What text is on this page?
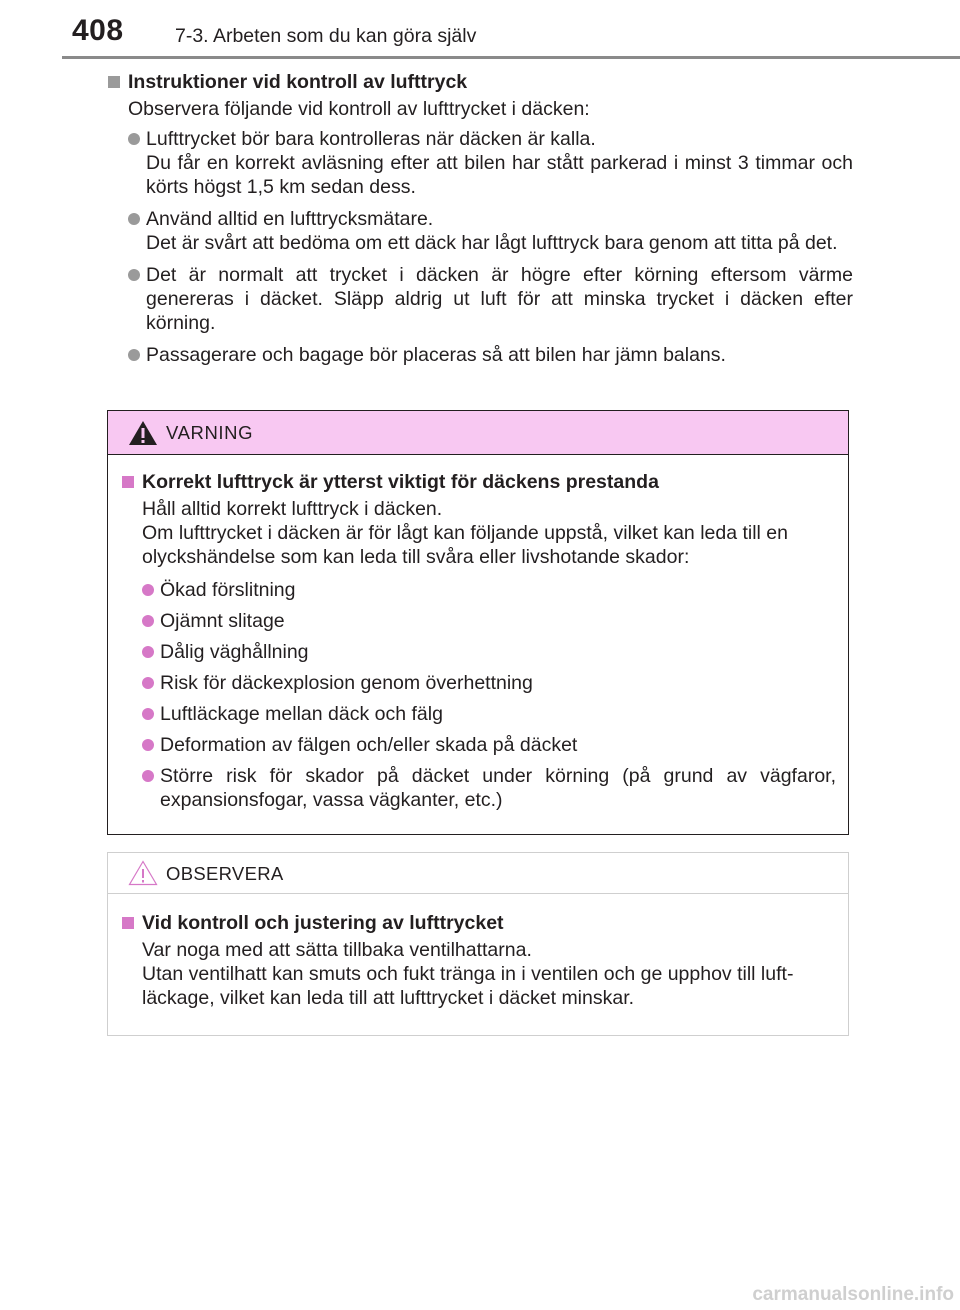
408	7-3. Arbeten som du kan göra själv
Instruktioner vid kontroll av lufttryck
Observera följande vid kontroll av lufttrycket i däcken:
Lufttrycket bör bara kontrolleras när däcken är kalla.
Du får en korrekt avläsning efter att bilen har stått parkerad i minst 3 timmar och körts högst 1,5 km sedan dess.
Använd alltid en lufttrycksmätare.
Det är svårt att bedöma om ett däck har lågt lufttryck bara genom att titta på det.
Det är normalt att trycket i däcken är högre efter körning eftersom värme genereras i däcket. Släpp aldrig ut luft för att minska trycket i däcken efter körning.
Passagerare och bagage bör placeras så att bilen har jämn balans.
VARNING
Korrekt lufttryck är ytterst viktigt för däckens prestanda
Håll alltid korrekt lufttryck i däcken.
Om lufttrycket i däcken är för lågt kan följande uppstå, vilket kan leda till en olyckshändelse som kan leda till svåra eller livshotande skador:
Ökad förslitning
Ojämnt slitage
Dålig väghållning
Risk för däckexplosion genom överhettning
Luftläckage mellan däck och fälg
Deformation av fälgen och/eller skada på däcket
Större risk för skador på däcket under körning (på grund av vägfaror, expansionsfogar, vassa vägkanter, etc.)
OBSERVERA
Vid kontroll och justering av lufttrycket
Var noga med att sätta tillbaka ventilhattarna.
Utan ventilhatt kan smuts och fukt tränga in i ventilen och ge upphov till luft-läckage, vilket kan leda till att lufttrycket i däcket minskar.
carmanualsonline.info
